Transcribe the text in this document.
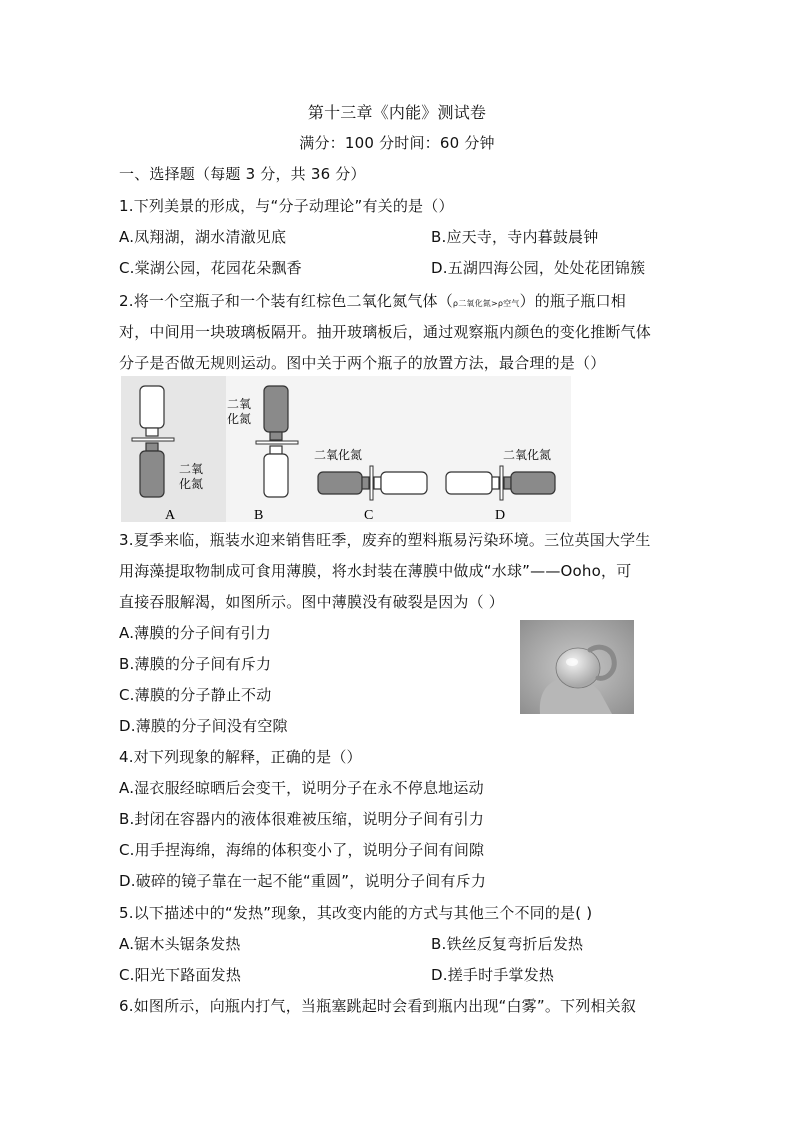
第十三章《内能》测试卷
满分：100 分时间：60 分钟
一、选择题（每题 3 分，共 36 分）
1.下列美景的形成，与“分子动理论”有关的是（）
A.凤翔湖，湖水清澈见底	B.应天寺，寺内暮鼓晨钟
C.棠湖公园，花园花朵飘香	D.五湖四海公园，处处花团锦簇
2.将一个空瓶子和一个装有红棕色二氧化氮气体（ρ二氧化氮>ρ空气）的瓶子瓶口相
对，中间用一块玻璃板隔开。抽开玻璃板后，通过观察瓶内颜色的变化推断气体
分子是否做无规则运动。图中关于两个瓶子的放置方法，最合理的是（）
二氧
化氮
A
二氧
化氮
B
二氧化氮
C
二氧化氮
D
3.夏季来临，瓶装水迎来销售旺季，废弃的塑料瓶易污染环境。三位英国大学生
用海藻提取物制成可食用薄膜，将水封装在薄膜中做成“水球”——Ooho，可
直接吞服解渴，如图所示。图中薄膜没有破裂是因为（ ）
A.薄膜的分子间有引力
B.薄膜的分子间有斥力
C.薄膜的分子静止不动
D.薄膜的分子间没有空隙
4.对下列现象的解释，正确的是（）
A.湿衣服经晾晒后会变干，说明分子在永不停息地运动
B.封闭在容器内的液体很难被压缩，说明分子间有引力
C.用手捏海绵，海绵的体积变小了，说明分子间有间隙
D.破碎的镜子靠在一起不能“重圆”，说明分子间有斥力
5.以下描述中的“发热”现象，其改变内能的方式与其他三个不同的是( )
A.锯木头锯条发热	B.铁丝反复弯折后发热
C.阳光下路面发热	D.搓手时手掌发热
6.如图所示，向瓶内打气，当瓶塞跳起时会看到瓶内出现“白雾”。下列相关叙
